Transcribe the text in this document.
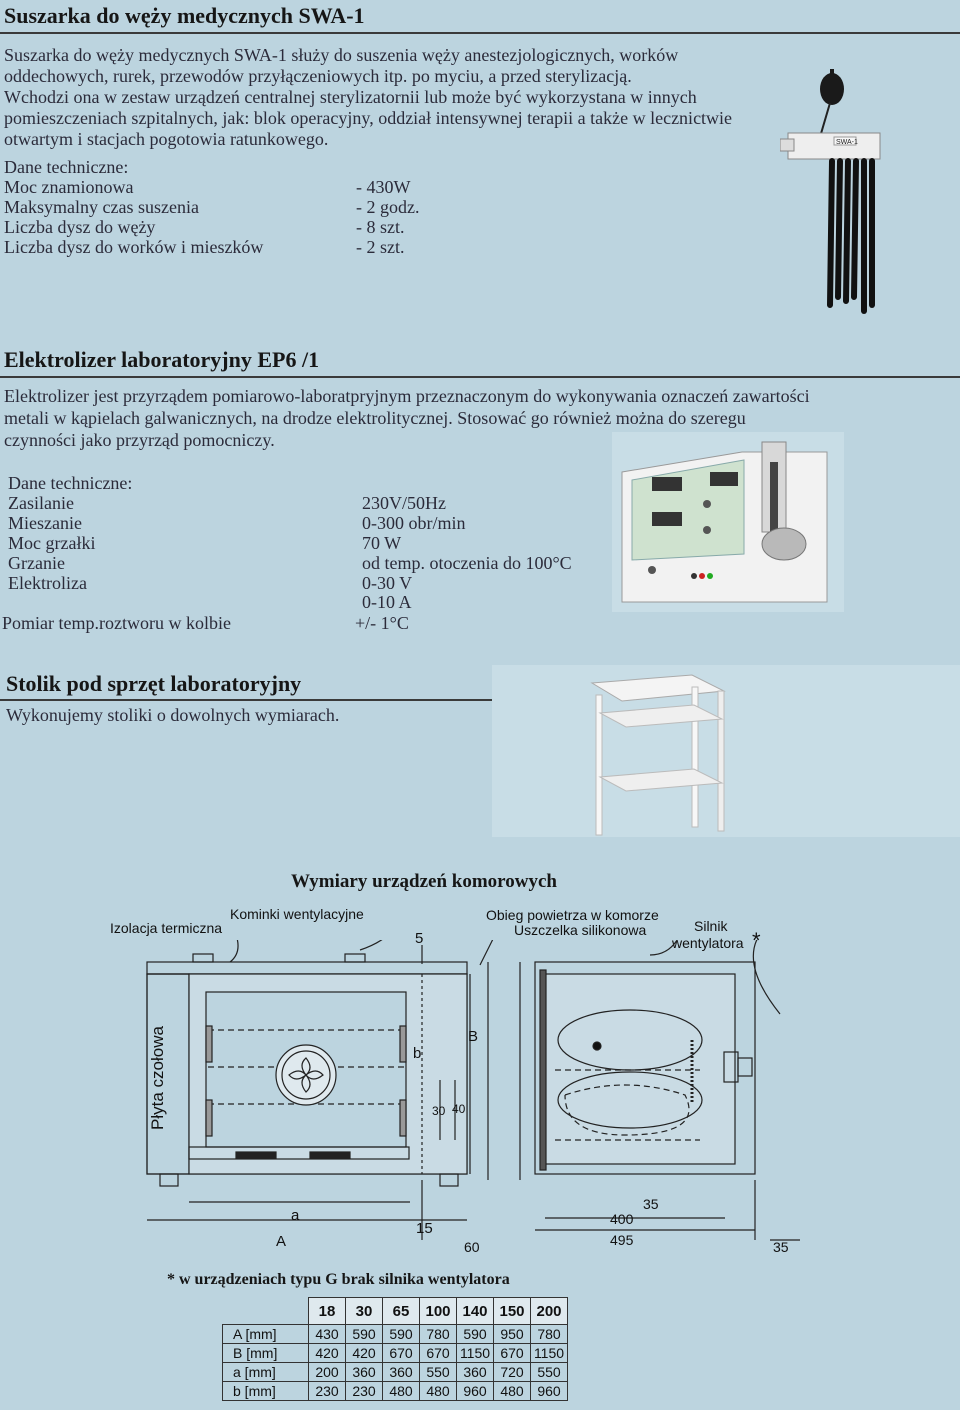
Suszarka do węży medycznych SWA-1
Suszarka do węży medycznych SWA-1 służy do suszenia węży anestezjologicznych, worków
oddechowych, rurek, przewodów przyłączeniowych itp. po myciu, a przed sterylizacją.
Wchodzi ona w zestaw urządzeń centralnej sterylizatornii lub może być wykorzystana w innych
pomieszczeniach szpitalnych, jak: blok operacyjny, oddział intensywnej terapii a także w lecznictwie
otwartym i stacjach pogotowia ratunkowego.
Dane techniczne:
Moc znamionowa	- 430W
Maksymalny czas suszenia	- 2 godz.
Liczba dysz do węży	- 8 szt.
Liczba dysz do worków i mieszków	- 2 szt.
SWA-1
Elektrolizer laboratoryjny EP6 /1
Elektrolizer jest przyrządem pomiarowo-laboratpryjnym przeznaczonym do wykonywania oznaczeń zawartości
metali w kąpielach galwanicznych, na drodze elektrolitycznej. Stosować go również można do szeregu
czynności jako przyrząd pomocniczy.
Dane techniczne:
Zasilanie	230V/50Hz
Mieszanie	0-300 obr/min
Moc grzałki	70 W
Grzanie	od temp. otoczenia do 100°C
Elektroliza	0-30 V
0-10 A
Pomiar temp.roztworu w kolbie	+/- 1°C
Stolik pod sprzęt laboratoryjny
Wykonujemy stoliki o dowolnych wymiarach.
Wymiary urządzeń komorowych
Izolacja termiczna
Kominki wentylacyjne	Obieg powietrza w komorze
Uszczelka silikonowa	Silnik
wentylatora *
Płyta czołowa
5
b
B
30 40
a
A
15
60
35
400
495	35
* w urządzeniach typu G brak silnika wentylatora
	18	30	65	100	140	150	200
A [mm]	430	590	590	780	590	950	780
B [mm]	420	420	670	670	1150	670	1150
a [mm]	200	360	360	550	360	720	550
b [mm]	230	230	480	480	960	480	960
